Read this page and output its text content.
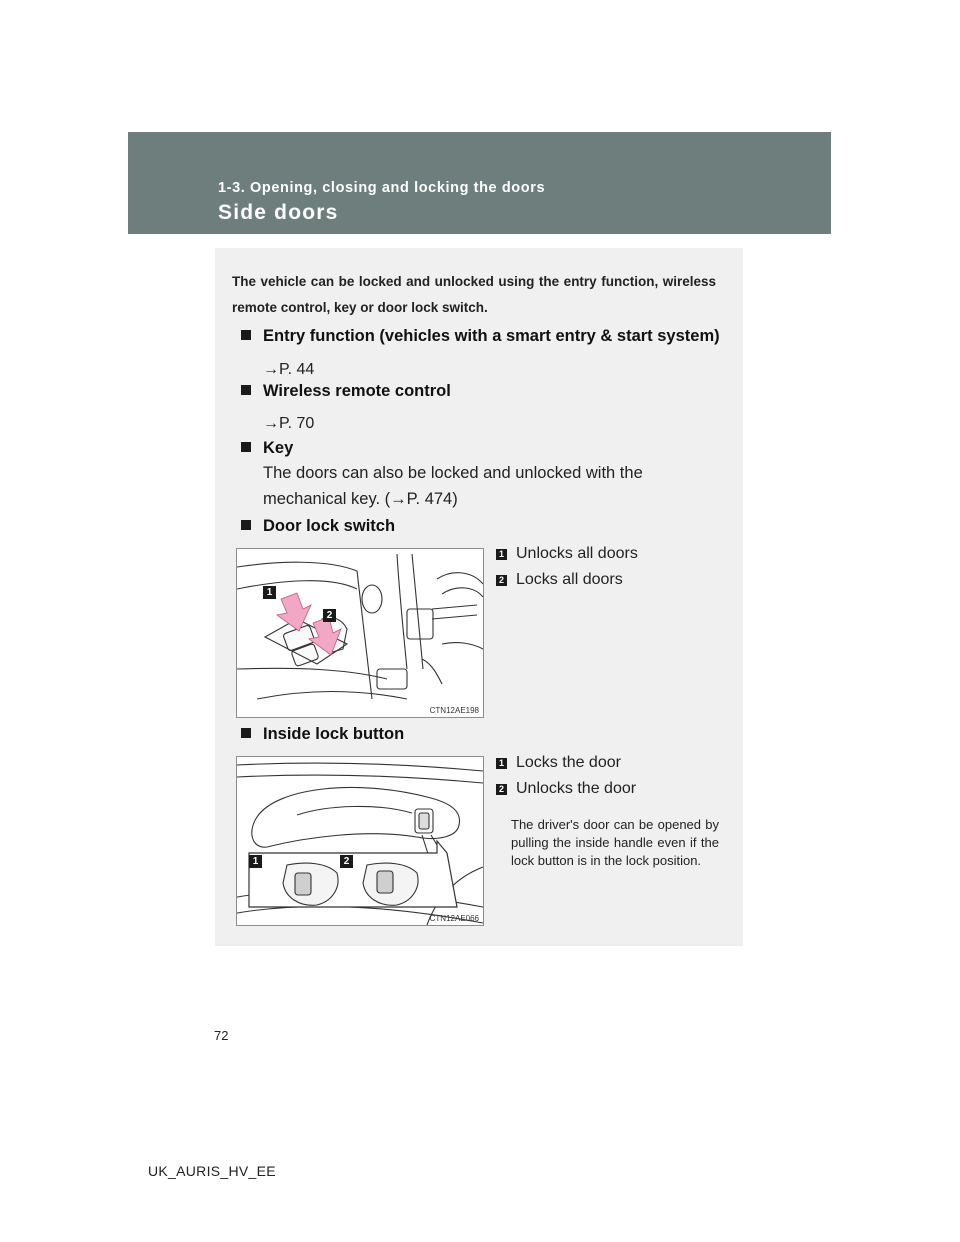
1-3. Opening, closing and locking the doors
Side doors

The vehicle can be locked and unlocked using the entry function, wireless remote control, key or door lock switch.

Entry function (vehicles with a smart entry & start system)

→P. 44

Wireless remote control

→P. 70

Key

The doors can also be locked and unlocked with the mechanical key. (→P. 474)

Door lock switch
1
2
CTN12AE198
1 Unlocks all doors
2 Locks all doors
Inside lock button
1	2
CTN12AE066
1 Locks the door
2 Unlocks the door

The driver's door can be opened by pulling the inside handle even if the lock button is in the lock position.

72

UK_AURIS_HV_EE
